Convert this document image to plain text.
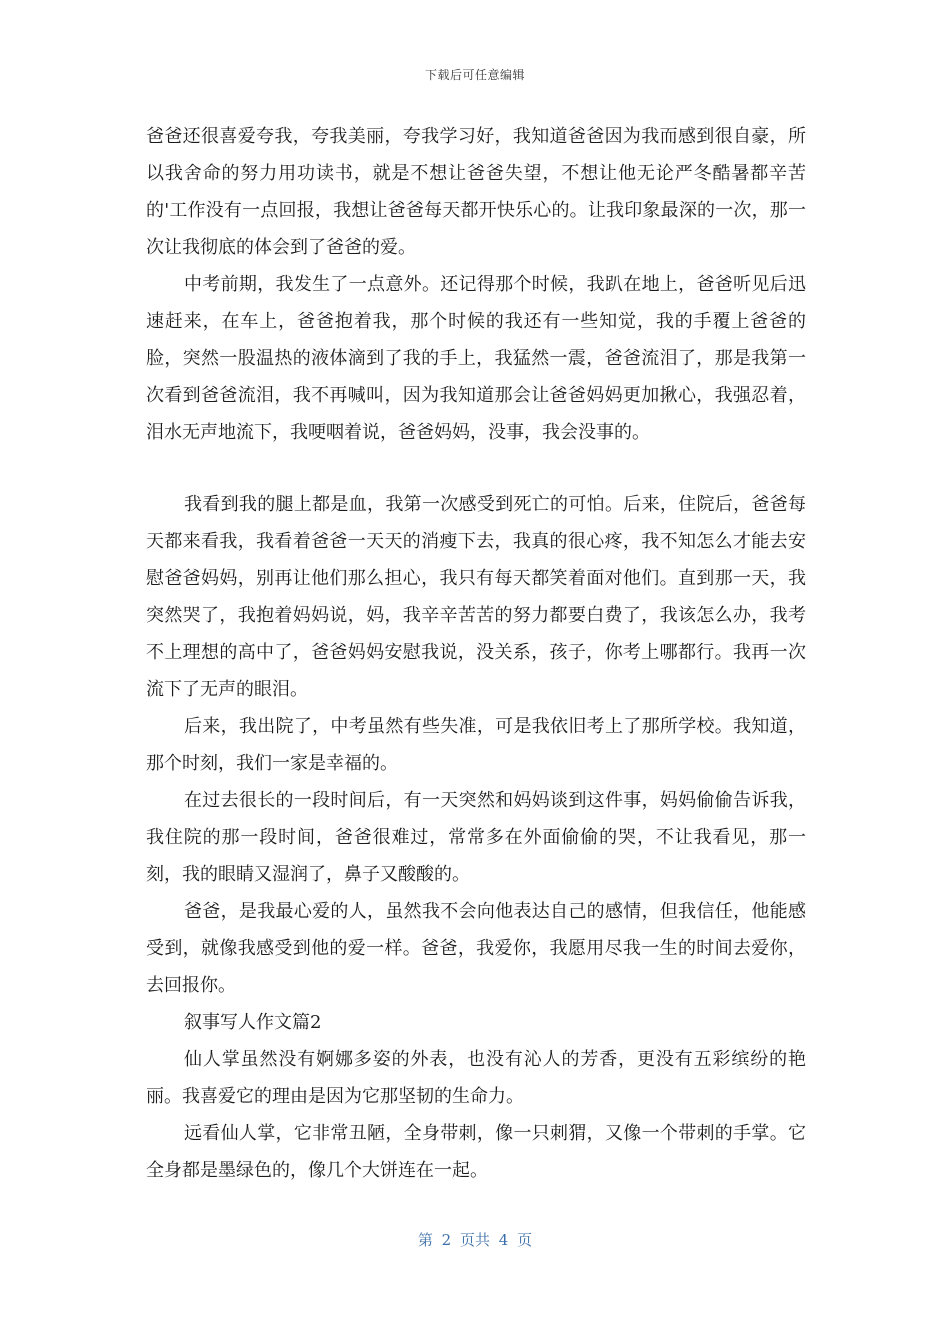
下载后可任意编辑

爸爸还很喜爱夸我，夸我美丽，夸我学习好，我知道爸爸因为我而感到很自豪，所以我舍命的努力用功读书，就是不想让爸爸失望，不想让他无论严冬酷暑都辛苦的'工作没有一点回报，我想让爸爸每天都开快乐心的。让我印象最深的一次，那一次让我彻底的体会到了爸爸的爱。

中考前期，我发生了一点意外。还记得那个时候，我趴在地上，爸爸听见后迅速赶来，在车上，爸爸抱着我，那个时候的我还有一些知觉，我的手覆上爸爸的脸，突然一股温热的液体滴到了我的手上，我猛然一震，爸爸流泪了，那是我第一次看到爸爸流泪，我不再喊叫，因为我知道那会让爸爸妈妈更加揪心，我强忍着，泪水无声地流下，我哽咽着说，爸爸妈妈，没事，我会没事的。

我看到我的腿上都是血，我第一次感受到死亡的可怕。后来，住院后，爸爸每天都来看我，我看着爸爸一天天的消瘦下去，我真的很心疼，我不知怎么才能去安慰爸爸妈妈，别再让他们那么担心，我只有每天都笑着面对他们。直到那一天，我突然哭了，我抱着妈妈说，妈，我辛辛苦苦的努力都要白费了，我该怎么办，我考不上理想的高中了，爸爸妈妈安慰我说，没关系，孩子，你考上哪都行。我再一次流下了无声的眼泪。

后来，我出院了，中考虽然有些失准，可是我依旧考上了那所学校。我知道，那个时刻，我们一家是幸福的。

在过去很长的一段时间后，有一天突然和妈妈谈到这件事，妈妈偷偷告诉我，我住院的那一段时间，爸爸很难过，常常多在外面偷偷的哭，不让我看见，那一刻，我的眼睛又湿润了，鼻子又酸酸的。

爸爸，是我最心爱的人，虽然我不会向他表达自己的感情，但我信任，他能感受到，就像我感受到他的爱一样。爸爸，我爱你，我愿用尽我一生的时间去爱你，去回报你。

叙事写人作文篇2

仙人掌虽然没有婀娜多姿的外表，也没有沁人的芳香，更没有五彩缤纷的艳丽。我喜爱它的理由是因为它那坚韧的生命力。

远看仙人掌，它非常丑陋，全身带刺，像一只刺猬，又像一个带刺的手掌。它全身都是墨绿色的，像几个大饼连在一起。

第 2 页共 4 页
